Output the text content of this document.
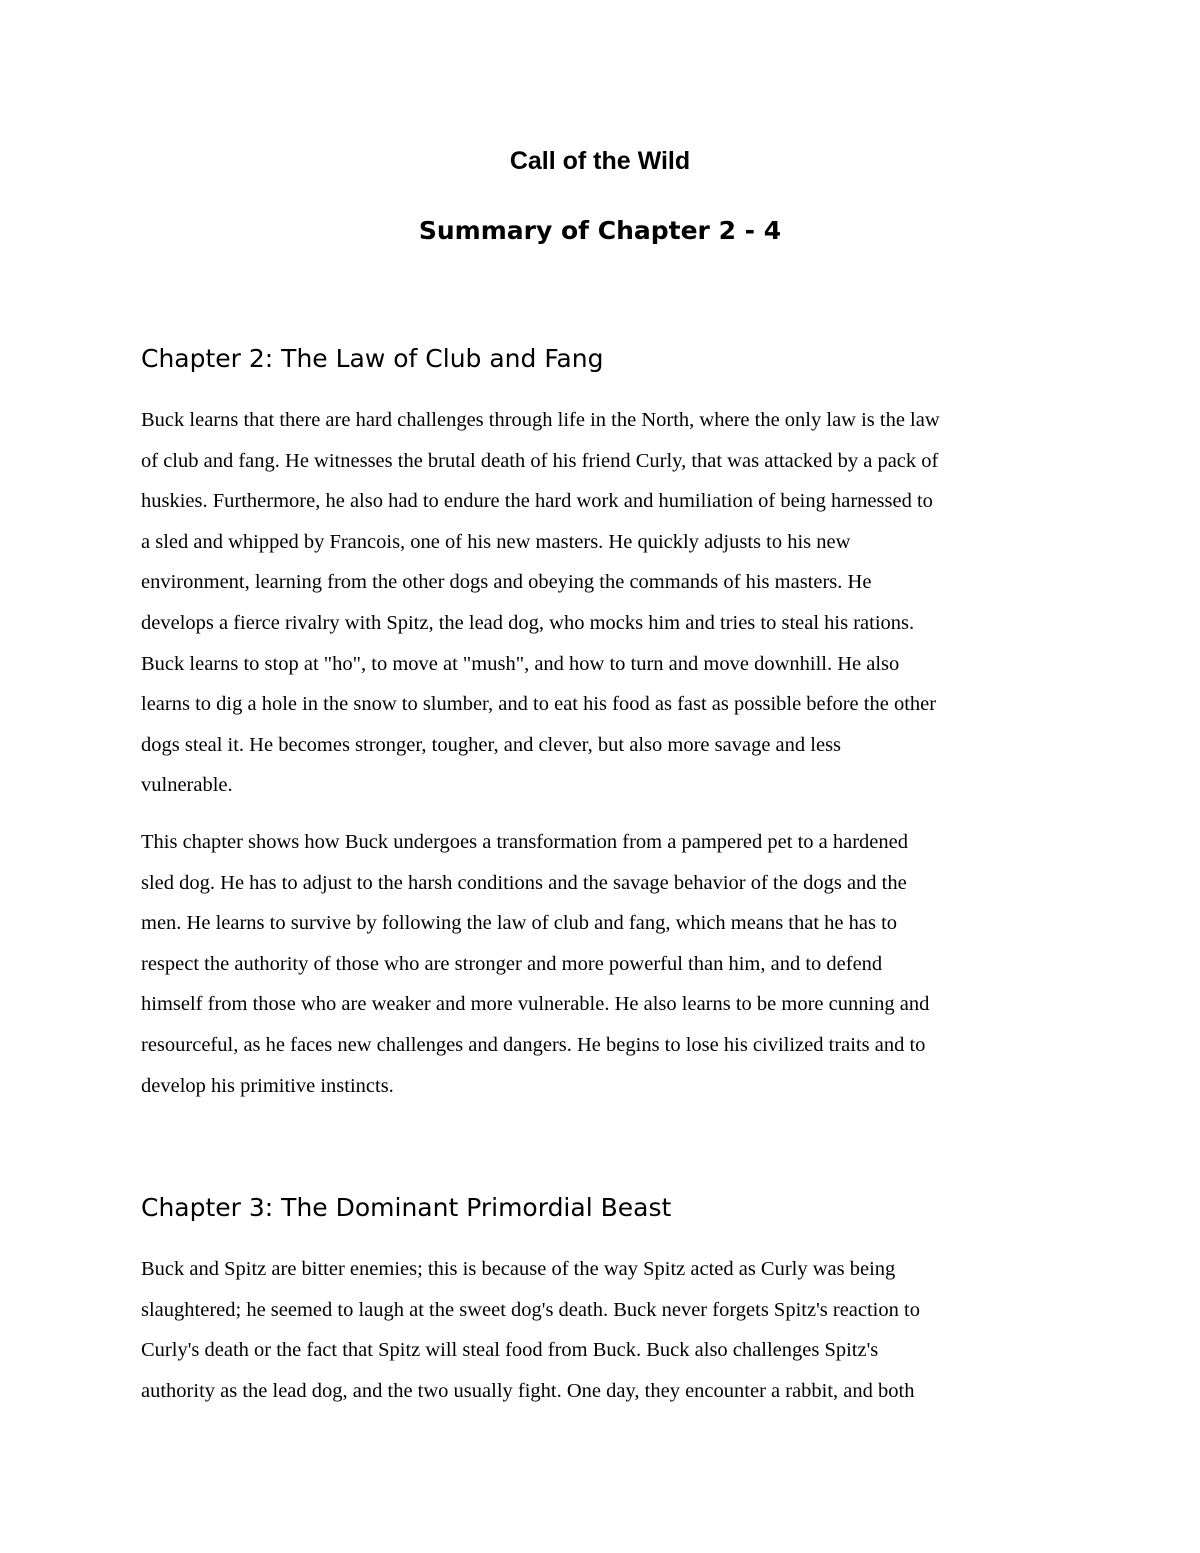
Call of the Wild
Summary of Chapter 2 - 4
Chapter 2: The Law of Club and Fang
Buck learns that there are hard challenges through life in the North, where the only law is the law
of club and fang. He witnesses the brutal death of his friend Curly, that was attacked by a pack of
huskies. Furthermore, he also had to endure the hard work and humiliation of being harnessed to
a sled and whipped by Francois, one of his new masters. He quickly adjusts to his new
environment, learning from the other dogs and obeying the commands of his masters. He
develops a fierce rivalry with Spitz, the lead dog, who mocks him and tries to steal his rations.
Buck learns to stop at "ho", to move at "mush", and how to turn and move downhill. He also
learns to dig a hole in the snow to slumber, and to eat his food as fast as possible before the other
dogs steal it. He becomes stronger, tougher, and clever, but also more savage and less
vulnerable.
This chapter shows how Buck undergoes a transformation from a pampered pet to a hardened
sled dog. He has to adjust to the harsh conditions and the savage behavior of the dogs and the
men. He learns to survive by following the law of club and fang, which means that he has to
respect the authority of those who are stronger and more powerful than him, and to defend
himself from those who are weaker and more vulnerable. He also learns to be more cunning and
resourceful, as he faces new challenges and dangers. He begins to lose his civilized traits and to
develop his primitive instincts.
Chapter 3: The Dominant Primordial Beast
Buck and Spitz are bitter enemies; this is because of the way Spitz acted as Curly was being
slaughtered; he seemed to laugh at the sweet dog's death. Buck never forgets Spitz's reaction to
Curly's death or the fact that Spitz will steal food from Buck. Buck also challenges Spitz's
authority as the lead dog, and the two usually fight. One day, they encounter a rabbit, and both
